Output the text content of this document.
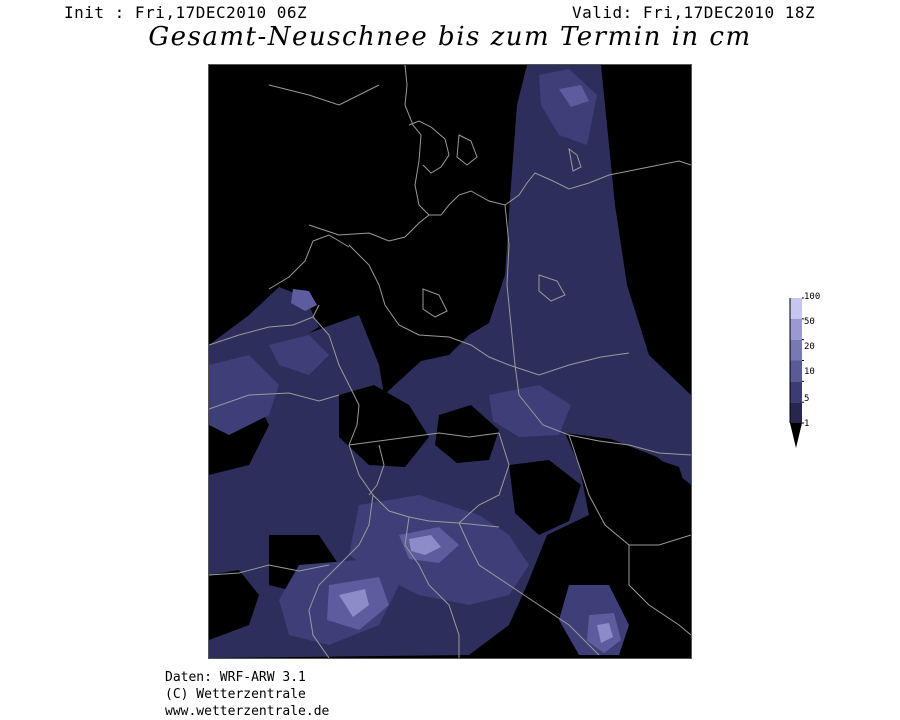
Init : Fri,17DEC2010 06Z	Valid: Fri,17DEC2010 18Z
Gesamt-Neuschnee bis zum Termin in cm
100
50
20
10
5
1
Daten: WRF-ARW 3.1
(C) Wetterzentrale
www.wetterzentrale.de
